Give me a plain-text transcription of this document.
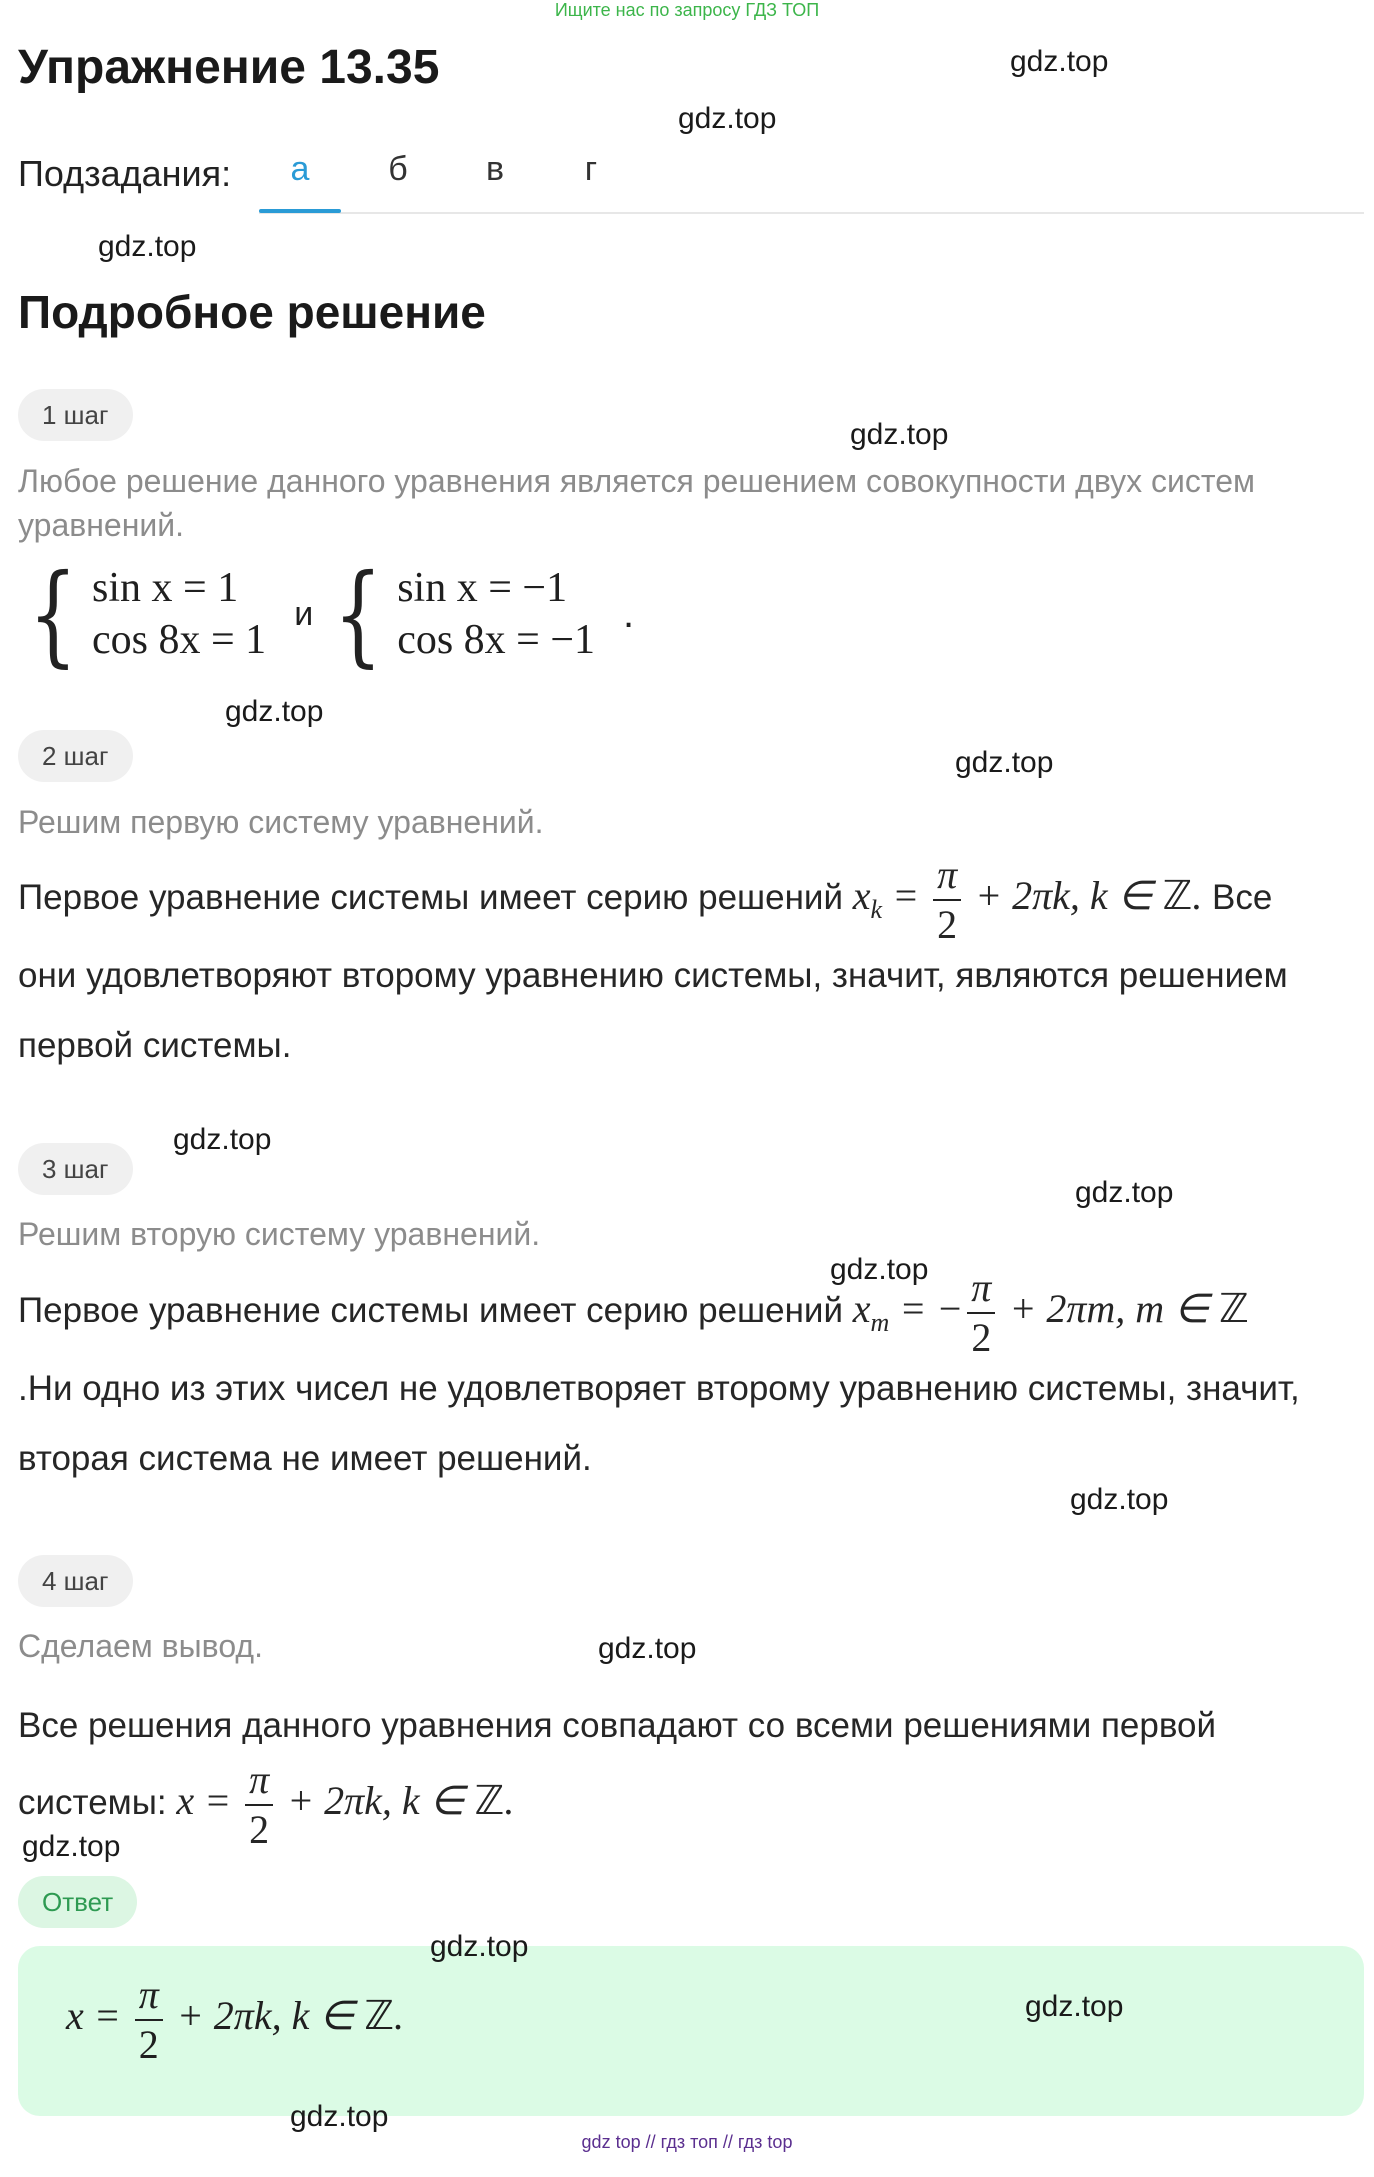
Ищите нас по запросу ГДЗ ТОП
Упражнение 13.35
Подзадания:	а	б	в	г
Подробное решение
1 шаг
Любое решение данного уравнения является решением совокупности двух систем уравнений.
{ sin x = 1
cos 8x = 1
и { sin x = −1
cos 8x = −1
.
2 шаг
Решим первую систему уравнений.
Первое уравнение системы имеет серию решений $x_k = \frac{\pi}{2} + 2\pi k$, k ∈ ℤ. Все
они удовлетворяют второму уравнению системы, значит, являются решением
первой системы.
3 шаг
Решим вторую систему уравнений.
Первое уравнение системы имеет серию решений $x_m$ = − $\frac{\pi}{2} + 2\pi m$, m ∈ ℤ
.Ни одно из этих чисел не удовлетворяет второму уравнению системы, значит,
вторая система не имеет решений.
4 шаг
Сделаем вывод.
Все решения данного уравнения совпадают со всеми решениями первой
системы: $x = \frac{\pi}{2} + 2\pi k$, k ∈ ℤ.
Ответ
$x = \frac{\pi}{2} + 2\pi k$, k ∈ ℤ.
gdz.top
gdz.top
gdz.top
gdz.top
gdz.top
gdz.top
gdz.top
gdz.top
gdz.top
gdz.top
gdz.top
gdz.top
gdz.top
gdz.top
gdz.top
gdz top // гдз топ // гдз top
